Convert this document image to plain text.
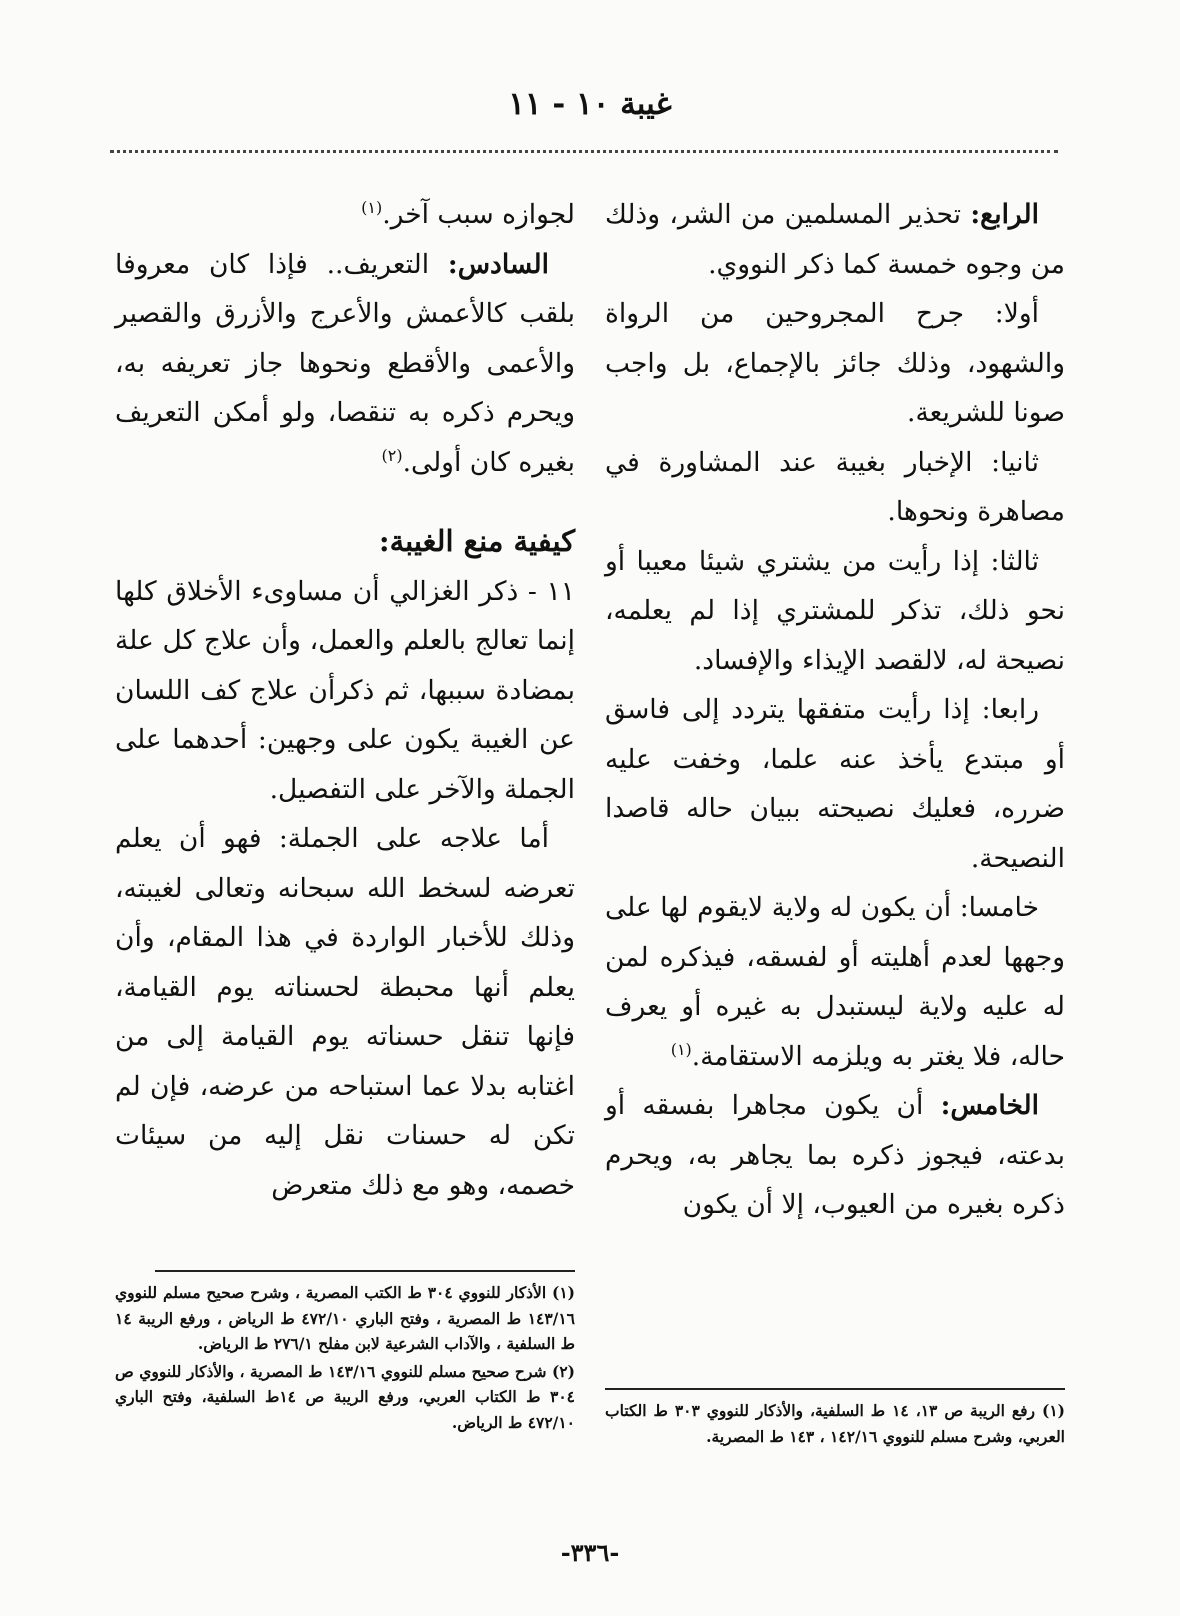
غيبة ١٠ - ١١

الرابع: تحذير المسلمين من الشر، وذلك من وجوه خمسة كما ذكر النووي.

أولا: جرح المجروحين من الرواة والشهود، وذلك جائز بالإجماع، بل واجب صونا للشريعة.

ثانيا: الإخبار بغيبة عند المشاورة في مصاهرة ونحوها.

ثالثا: إذا رأيت من يشتري شيئا معيبا أو نحو ذلك، تذكر للمشتري إذا لم يعلمه، نصيحة له، لالقصد الإيذاء والإفساد.

رابعا: إذا رأيت متفقها يتردد إلى فاسق أو مبتدع يأخذ عنه علما، وخفت عليه ضرره، فعليك نصيحته ببيان حاله قاصدا النصيحة.

خامسا: أن يكون له ولاية لايقوم لها على وجهها لعدم أهليته أو لفسقه، فيذكره لمن له عليه ولاية ليستبدل به غيره أو يعرف حاله، فلا يغتر به ويلزمه الاستقامة.$^{(١)}$

الخامس: أن يكون مجاهرا بفسقه أو بدعته، فيجوز ذكره بما يجاهر به، ويحرم ذكره بغيره من العيوب، إلا أن يكون

لجوازه سبب آخر.$^{(١)}$

السادس: التعريف.. فإذا كان معروفا بلقب كالأعمش والأعرج والأزرق والقصير والأعمى والأقطع ونحوها جاز تعريفه به، ويحرم ذكره به تنقصا، ولو أمكن التعريف بغيره كان أولى.$^{(٢)}$

كيفية منع الغيبة:

١١ - ذكر الغزالي أن مساوىء الأخلاق كلها إنما تعالج بالعلم والعمل، وأن علاج كل علة بمضادة سببها، ثم ذكرأن علاج كف اللسان عن الغيبة يكون على وجهين: أحدهما على الجملة والآخر على التفصيل.

أما علاجه على الجملة: فهو أن يعلم تعرضه لسخط الله سبحانه وتعالى لغيبته، وذلك للأخبار الواردة في هذا المقام، وأن يعلم أنها محبطة لحسناته يوم القيامة، فإنها تنقل حسناته يوم القيامة إلى من اغتابه بدلا عما استباحه من عرضه، فإن لم تكن له حسنات نقل إليه من سيئات خصمه، وهو مع ذلك متعرض

(١) الأذكار للنووي ٣٠٤ ط الكتب المصرية ، وشرح صحيح مسلم للنووي ١٤٣/١٦ ط المصرية ، وفتح الباري ٤٧٢/١٠ ط الرياض ، ورفع الريبة ١٤ ط السلفية ، والآداب الشرعية لابن مفلح ٢٧٦/١ ط الرياض.

(٢) شرح صحيح مسلم للنووي ١٤٣/١٦ ط المصرية ، والأذكار للنووي ص ٣٠٤ ط الكتاب العربي، ورفع الريبة ص ١٤ط السلفية، وفتح الباري ٤٧٢/١٠ ط الرياض.

(١) رفع الريبة ص ١٣، ١٤ ط السلفية، والأذكار للنووي ٣٠٣ ط الكتاب العربي، وشرح مسلم للنووي ١٤٢/١٦ ، ١٤٣ ط المصرية.

-٣٣٦-
